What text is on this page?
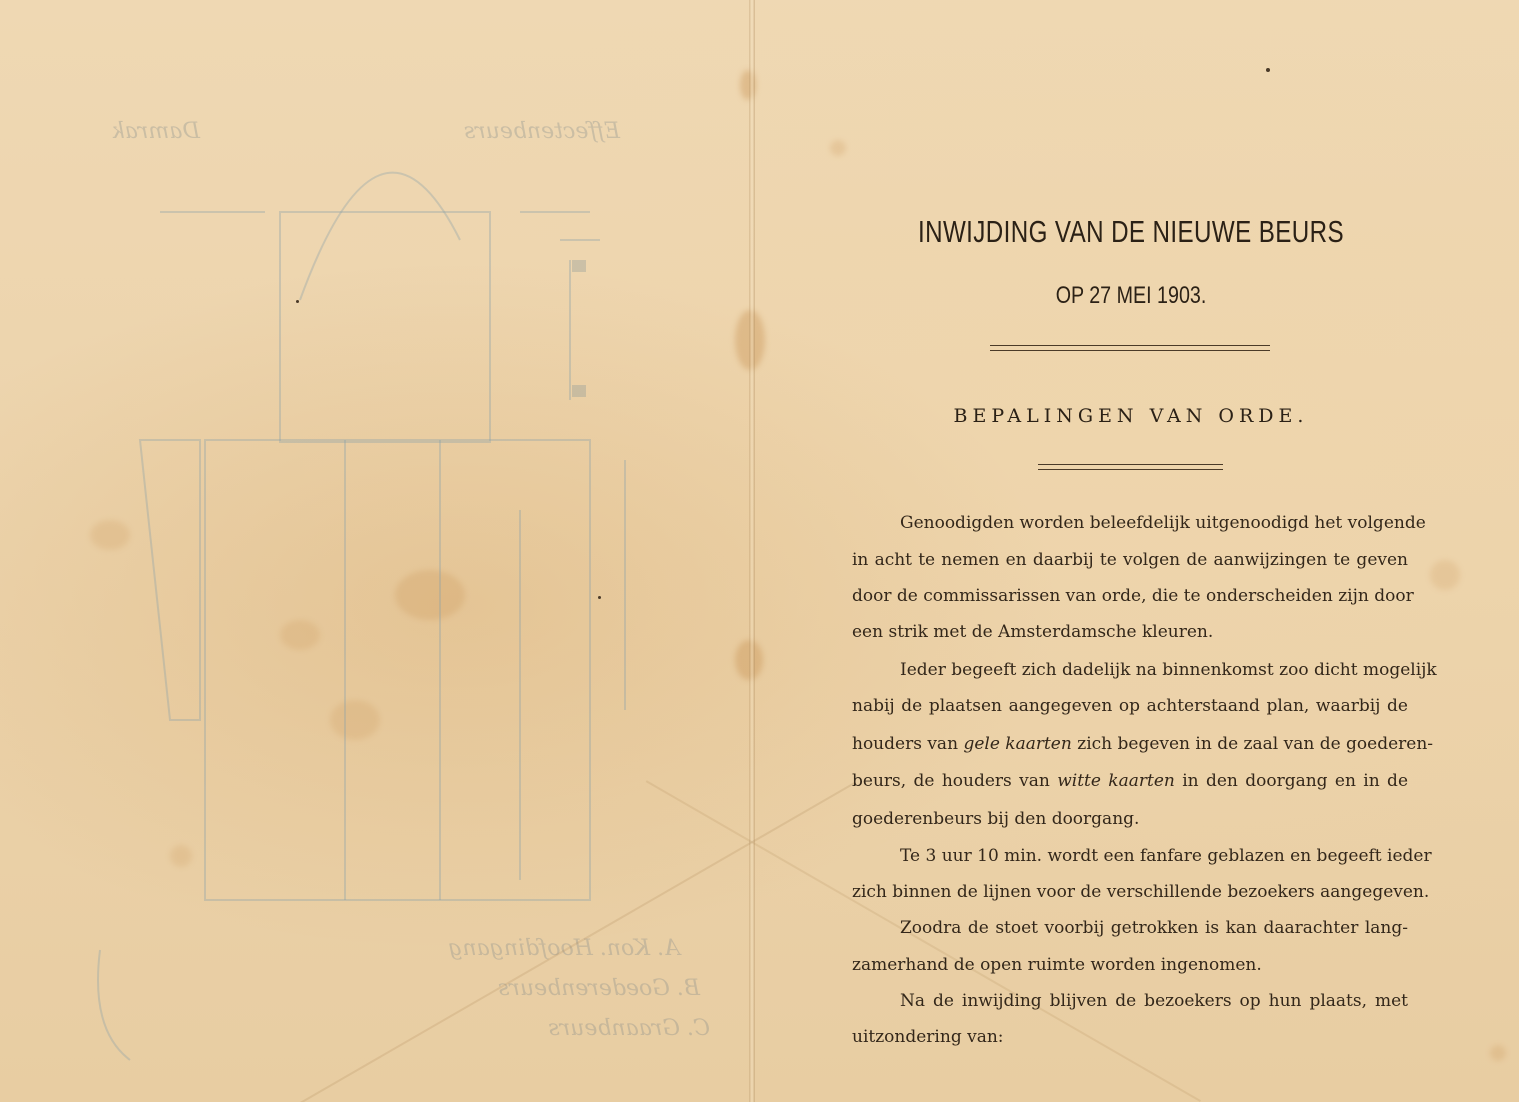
Damrak	Effectenbeurs
A. Kon. Hoofdingang
B. Goederenbeurs
C. Graanbeurs
INWIJDING VAN DE NIEUWE BEURS
OP 27 MEI 1903.
BEPALINGEN VAN ORDE.
Genoodigden worden beleefdelijk uitgenoodigd het volgende
in acht te nemen en daarbij te volgen de aanwijzingen te geven
door de commissarissen van orde, die te onderscheiden zijn door
een strik met de Amsterdamsche kleuren.
Ieder begeeft zich dadelijk na binnenkomst zoo dicht mogelijk
nabij de plaatsen aangegeven op achterstaand plan, waarbij de
houders van gele kaarten zich begeven in de zaal van de goederen-
beurs, de houders van witte kaarten in den doorgang en in de
goederenbeurs bij den doorgang.
Te 3 uur 10 min. wordt een fanfare geblazen en begeeft ieder
zich binnen de lijnen voor de verschillende bezoekers aangegeven.
Zoodra de stoet voorbij getrokken is kan daarachter lang-
zamerhand de open ruimte worden ingenomen.
Na de inwijding blijven de bezoekers op hun plaats, met
uitzondering van:
